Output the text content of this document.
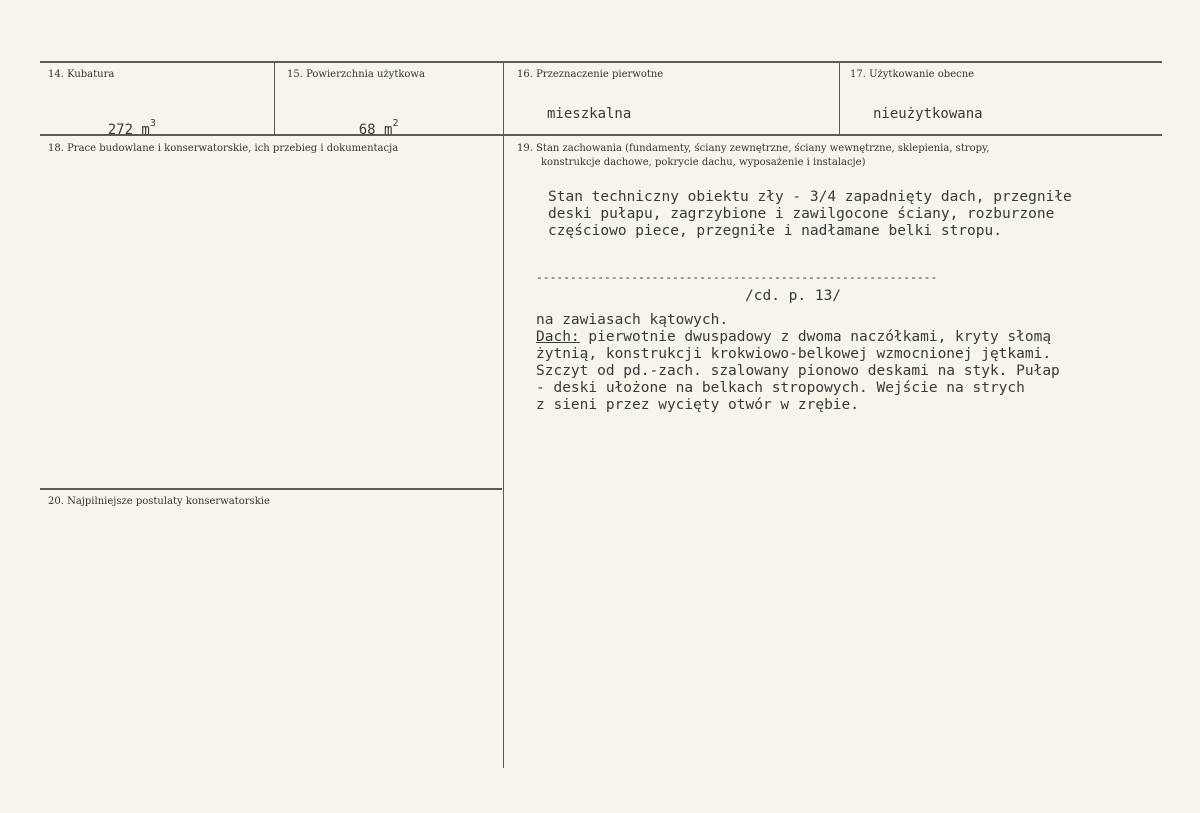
14. Kubatura

272 $m^3$

15. Powierzchnia użytkowa

68 $m^2$

16. Przeznaczenie pierwotne
mieszkalna
17. Użytkowanie obecne
nieużytkowana
18. Prace budowlane i konserwatorskie, ich przebieg i dokumentacja	19. Stan zachowania (fundamenty, ściany zewnętrzne, ściany wewnętrzne, sklepienia, stropy,
konstrukcje dachowe, pokrycie dachu, wyposażenie i instalacje)
Stan techniczny obiektu zły - 3/4 zapadnięty dach, przegniłe
deski pułapu, zagrzybione i zawilgocone ściany, rozburzone
częściowo piece, przegniłe i nadłamane belki stropu.
-----------------------------------------------------------
/cd. p. 13/
na zawiasach kątowych.
Dach: pierwotnie dwuspadowy z dwoma naczółkami, kryty słomą
żytnią, konstrukcji krokwiowo-belkowej wzmocnionej jętkami.
Szczyt od pd.-zach. szalowany pionowo deskami na styk. Pułap
- deski ułożone na belkach stropowych. Wejście na strych
z sieni przez wycięty otwór w zrębie.
20. Najpilniejsze postulaty konserwatorskie
